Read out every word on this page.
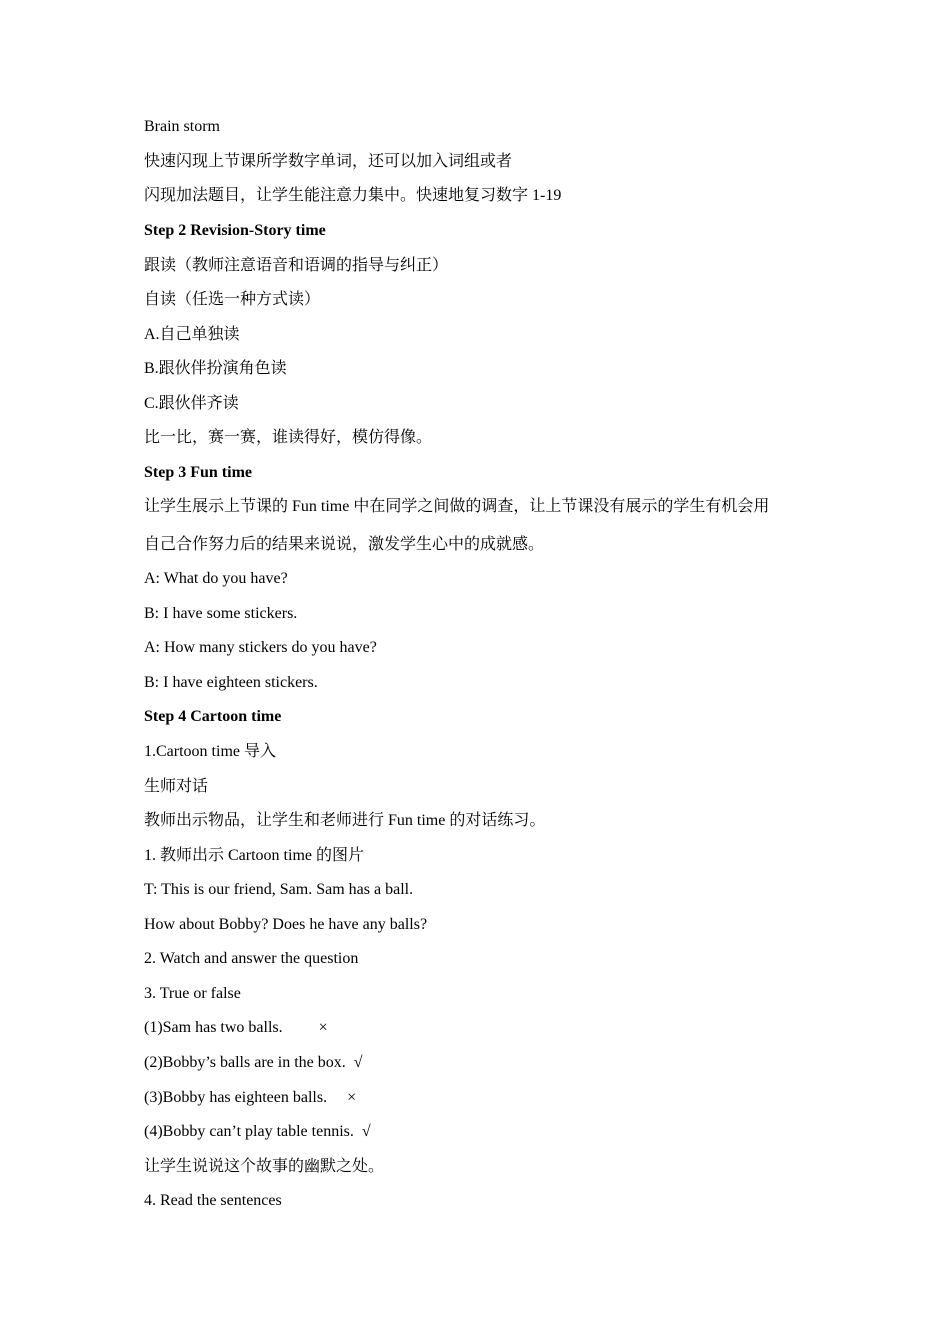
Brain storm
快速闪现上节课所学数字单词，还可以加入词组或者
闪现加法题目，让学生能注意力集中。快速地复习数字 1-19
Step 2 Revision-Story time
跟读（教师注意语音和语调的指导与纠正）
自读（任选一种方式读）
A.自己单独读
B.跟伙伴扮演角色读
C.跟伙伴齐读
比一比，赛一赛，谁读得好，模仿得像。
Step 3 Fun time
让学生展示上节课的 Fun time 中在同学之间做的调查，让上节课没有展示的学生有机会用
自己合作努力后的结果来说说，激发学生心中的成就感。
A: What do you have?
B: I have some stickers.
A: How many stickers do you have?
B: I have eighteen stickers.
Step 4 Cartoon time
1.Cartoon time 导入
生师对话
教师出示物品，让学生和老师进行 Fun time 的对话练习。
1. 教师出示 Cartoon time 的图片
T: This is our friend, Sam. Sam has a ball.
How about Bobby? Does he have any balls?
2. Watch and answer the question
3. True or false
(1)Sam has two balls.         ×
(2)Bobby’s balls are in the box.  √
(3)Bobby has eighteen balls.     ×
(4)Bobby can’t play table tennis.  √
让学生说说这个故事的幽默之处。
4. Read the sentences
